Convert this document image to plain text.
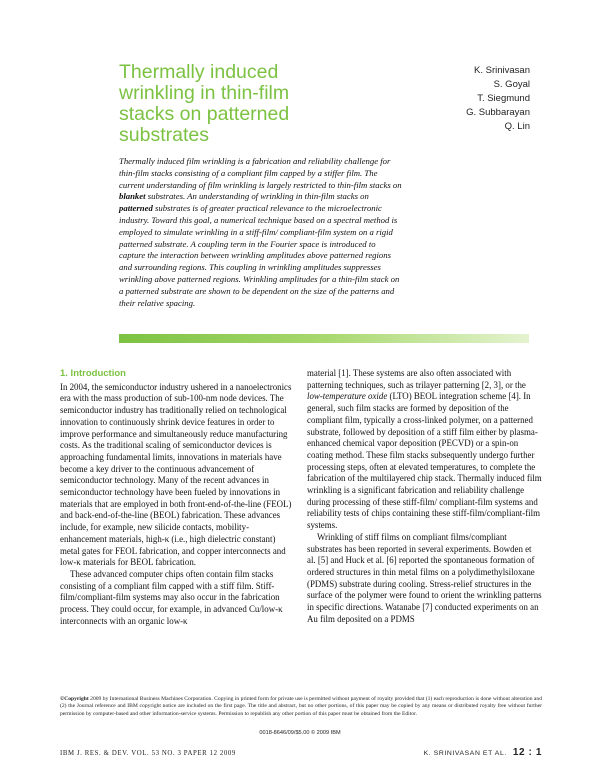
Thermally induced wrinkling in thin-film stacks on patterned substrates
K. Srinivasan
S. Goyal
T. Siegmund
G. Subbarayan
Q. Lin

Thermally induced film wrinkling is a fabrication and reliability challenge for thin-film stacks consisting of a compliant film capped by a stiffer film. The current understanding of film wrinkling is largely restricted to thin-film stacks on blanket substrates. An understanding of wrinkling in thin-film stacks on patterned substrates is of greater practical relevance to the microelectronic industry. Toward this goal, a numerical technique based on a spectral method is employed to simulate wrinkling in a stiff-film/ compliant-film system on a rigid patterned substrate. A coupling term in the Fourier space is introduced to capture the interaction between wrinkling amplitudes above patterned regions and surrounding regions. This coupling in wrinkling amplitudes suppresses wrinkling above patterned regions. Wrinkling amplitudes for a thin-film stack on a patterned substrate are shown to be dependent on the size of the patterns and their relative spacing.

1. Introduction

In 2004, the semiconductor industry ushered in a nanoelectronics era with the mass production of sub-100-nm node devices. The semiconductor industry has traditionally relied on technological innovation to continuously shrink device features in order to improve performance and simultaneously reduce manufacturing costs. As the traditional scaling of semiconductor devices is approaching fundamental limits, innovations in materials have become a key driver to the continuous advancement of semiconductor technology. Many of the recent advances in semiconductor technology have been fueled by innovations in materials that are employed in both front-end-of-the-line (FEOL) and back-end-of-the-line (BEOL) fabrication. These advances include, for example, new silicide contacts, mobility-enhancement materials, high-κ (i.e., high dielectric constant) metal gates for FEOL fabrication, and copper interconnects and low-κ materials for BEOL fabrication.

These advanced computer chips often contain film stacks consisting of a compliant film capped with a stiff film. Stiff-film/compliant-film systems may also occur in the fabrication process. They could occur, for example, in advanced Cu/low-κ interconnects with an organic low-κ

material [1]. These systems are also often associated with patterning techniques, such as trilayer patterning [2, 3], or the low-temperature oxide (LTO) BEOL integration scheme [4]. In general, such film stacks are formed by deposition of the compliant film, typically a cross-linked polymer, on a patterned substrate, followed by deposition of a stiff film either by plasma-enhanced chemical vapor deposition (PECVD) or a spin-on coating method. These film stacks subsequently undergo further processing steps, often at elevated temperatures, to complete the fabrication of the multilayered chip stack. Thermally induced film wrinkling is a significant fabrication and reliability challenge during processing of these stiff-film/ compliant-film systems and reliability tests of chips containing these stiff-film/compliant-film systems.

Wrinkling of stiff films on compliant films/compliant substrates has been reported in several experiments. Bowden et al. [5] and Huck et al. [6] reported the spontaneous formation of ordered structures in thin metal films on a polydimethylsiloxane (PDMS) substrate during cooling. Stress-relief structures in the surface of the polymer were found to orient the wrinkling patterns in specific directions. Watanabe [7] conducted experiments on an Au film deposited on a PDMS

©Copyright 2009 by International Business Machines Corporation. Copying in printed form for private use is permitted without payment of royalty provided that (1) each reproduction is done without alteration and (2) the Journal reference and IBM copyright notice are included on the first page. The title and abstract, but no other portions, of this paper may be copied by any means or distributed royalty free without further permission by computer-based and other information-service systems. Permission to republish any other portion of this paper must be obtained from the Editor.
0018-8646/09/$5.00 © 2009 IBM
IBM J. RES. & DEV. VOL. 53 NO. 3 PAPER 12 2009	K. SRINIVASAN ET AL. 12 : 1
